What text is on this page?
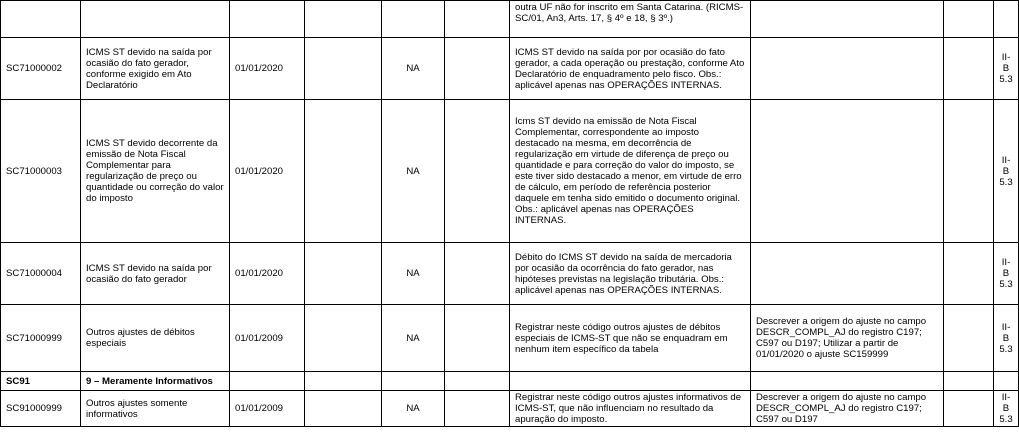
						outra UF não for inscrito em Santa Catarina. (RICMS-SC/01, An3, Arts. 17, § 4º e 18, § 3º.)			
SC71000002	ICMS ST devido na saída por ocasião do fato gerador, conforme exigido em Ato Declaratório	01/01/2020		NA		ICMS ST devido na saída por por ocasião do fato gerador, a cada operação ou prestação, conforme Ato Declaratório de enquadramento pelo fisco. Obs.: aplicável apenas nas OPERAÇÕES INTERNAS.			II-B 5.3
SC71000003	ICMS ST devido decorrente da emissão de Nota Fiscal Complementar para regularização de preço ou quantidade ou correção do valor do imposto	01/01/2020		NA		Icms ST devido na emissão de Nota Fiscal Complementar, correspondente ao imposto destacado na mesma, em decorrência de regularização em virtude de diferença de preço ou quantidade e para correção do valor do imposto, se este tiver sido destacado a menor, em virtude de erro de cálculo, em período de referência posterior daquele em tenha sido emitido o documento original. Obs.: aplicável apenas nas OPERAÇÕES INTERNAS.			II-B 5.3
SC71000004	ICMS ST devido na saída por ocasião do fato gerador	01/01/2020		NA		Débito do ICMS ST devido na saída de mercadoria por ocasião da ocorrência do fato gerador, nas hipóteses previstas na legislação tributária. Obs.: aplicável apenas nas OPERAÇÕES INTERNAS.			II-B 5.3
SC71000999	Outros ajustes de débitos especiais	01/01/2009		NA		Registrar neste código outros ajustes de débitos especiais de ICMS-ST que não se enquadram em nenhum item específico da tabela	Descrever a origem do ajuste no campo DESCR_COMPL_AJ do registro C197; C597 ou D197; Utilizar a partir de 01/01/2020 o ajuste SC159999		II-B 5.3
SC91	9 – Meramente Informativos								
SC91000999	Outros ajustes somente informativos	01/01/2009		NA		Registrar neste código outros ajustes informativos de ICMS-ST, que não influenciam no resultado da apuração do imposto.	Descrever a origem do ajuste no campo DESCR_COMPL_AJ do registro C197; C597 ou D197		II-B 5.3
